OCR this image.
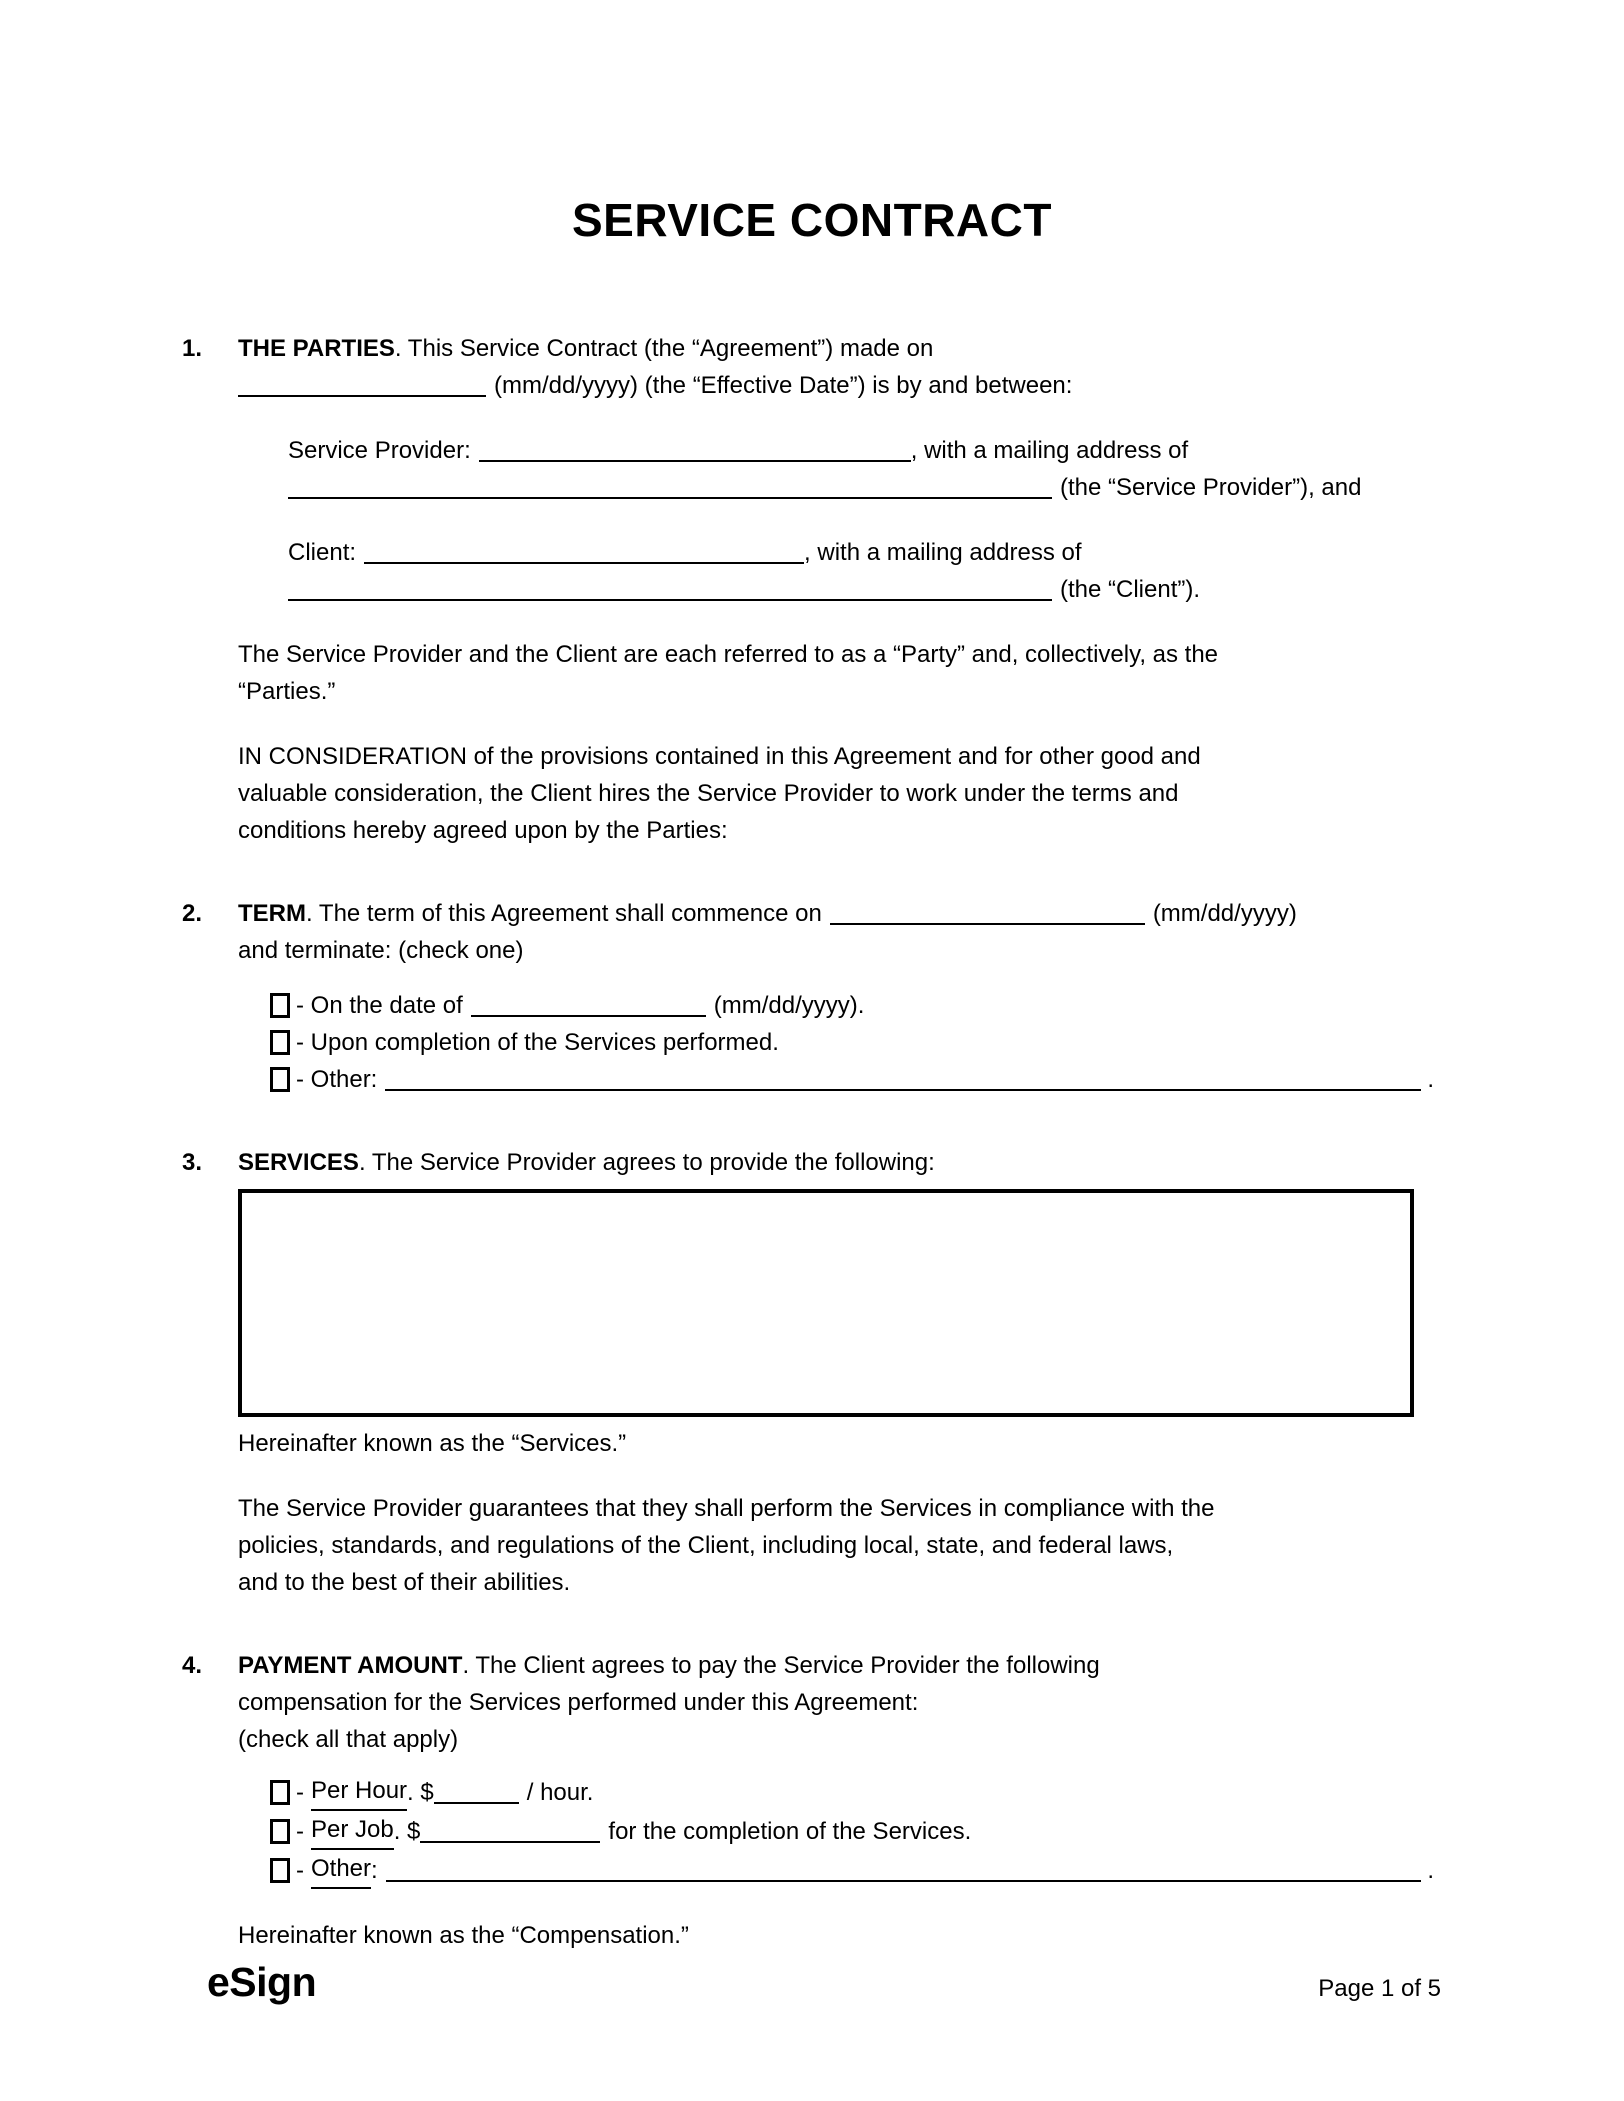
SERVICE CONTRACT
1.	THE PARTIES. This Service Contract (the “Agreement”) made on
(mm/dd/yyyy) (the “Effective Date”) is by and between:
Service Provider:	, with a mailing address of
(the “Service Provider”), and
Client:	, with a mailing address of
(the “Client”).
The Service Provider and the Client are each referred to as a “Party” and, collectively, as the
“Parties.”
IN CONSIDERATION of the provisions contained in this Agreement and for other good and
valuable consideration, the Client hires the Service Provider to work under the terms and
conditions hereby agreed upon by the Parties:
2.	TERM . The term of this Agreement shall commence on	(mm/dd/yyyy)
and terminate: (check one)
- On the date of	(mm/dd/yyyy).
- Upon completion of the Services performed.
- Other:	.
3.	SERVICES. The Service Provider agrees to provide the following:
Hereinafter known as the “Services.”
The Service Provider guarantees that they shall perform the Services in compliance with the
policies, standards, and regulations of the Client, including local, state, and federal laws,
and to the best of their abilities.
4.	PAYMENT AMOUNT. The Client agrees to pay the Service Provider the following
compensation for the Services performed under this Agreement:
(check all that apply)
- Per Hour . $	/ hour.
- Per Job . $	for the completion of the Services.
- Other :	.
Hereinafter known as the “Compensation.”
eSign	Page 1 of 5
